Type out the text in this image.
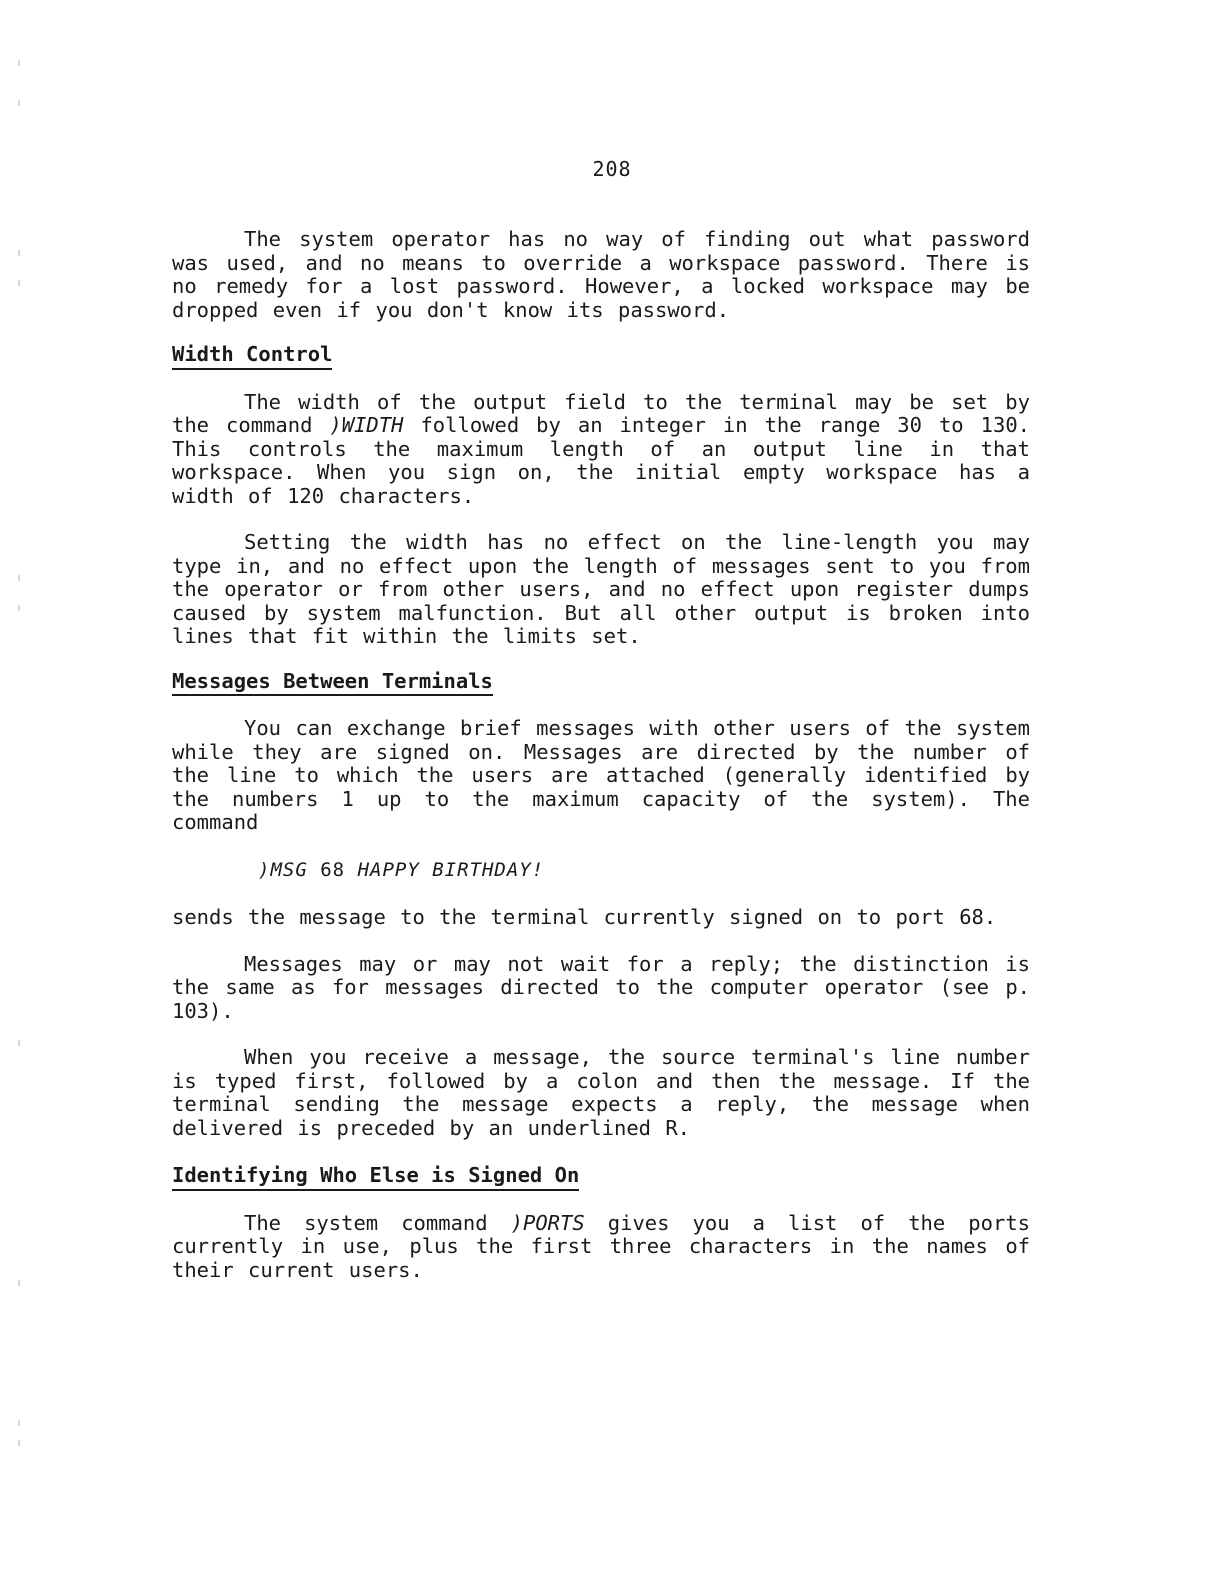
208

The system operator has no way of finding out what password was used, and no means to override a workspace password. There is no remedy for a lost password. However, a locked workspace may be dropped even if you don't know its password.

Width Control

The width of the output field to the terminal may be set by the command )WIDTH followed by an integer in the range 30 to 130. This controls the maximum length of an output line in that workspace. When you sign on, the initial empty workspace has a width of 120 characters.

Setting the width has no effect on the line-length you may type in, and no effect upon the length of messages sent to you from the operator or from other users, and no effect upon register dumps caused by system malfunction. But all other output is broken into lines that fit within the limits set.

Messages Between Terminals

You can exchange brief messages with other users of the system while they are signed on. Messages are directed by the number of the line to which the users are attached (generally identified by the numbers 1 up to the maximum capacity of the system). The command

)MSG 68 HAPPY BIRTHDAY!

sends the message to the terminal currently signed on to port 68.

Messages may or may not wait for a reply; the distinction is the same as for messages directed to the computer operator (see p. 103).

When you receive a message, the source terminal's line number is typed first, followed by a colon and then the message. If the terminal sending the message expects a reply, the message when delivered is preceded by an underlined R.

Identifying Who Else is Signed On

The system command )PORTS gives you a list of the ports currently in use, plus the first three characters in the names of their current users.
